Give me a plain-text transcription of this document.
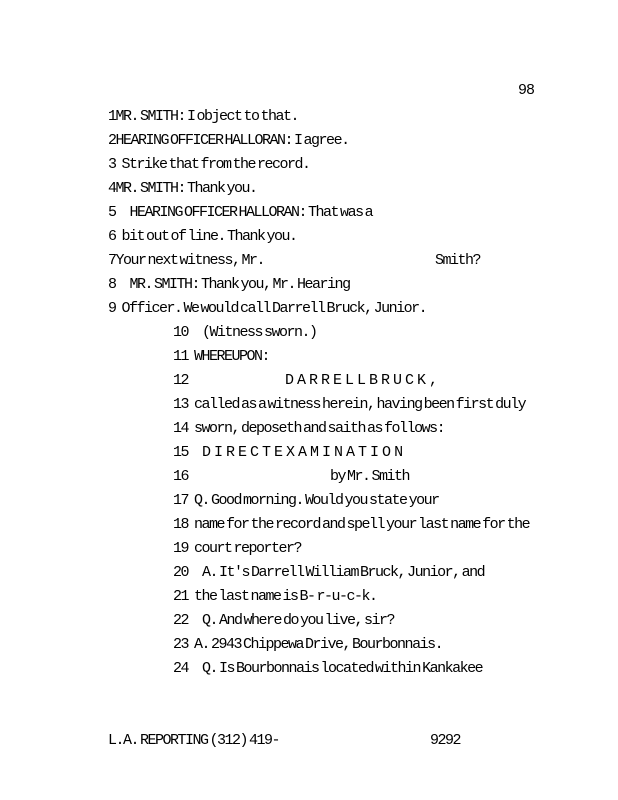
98
1MR. SMITH: I object to that.
2HEARING OFFICER HALLORAN: I agree.
3 Strike that from the record.
4MR. SMITH: Thank you.
5 HEARING OFFICER HALLORAN: That was a
6 bit out of line. Thank you.
7Your next witness, Mr.	Smith?
8 MR. SMITH: Thank you, Mr. Hearing
9 Officer. We would call Darrell Bruck, Junior.
10 (Witness sworn.)
11 WHEREUPON:
12	D A R R E L L B R U C K ,
13 called as a witness herein, having been first duly
14 sworn, deposeth and saith as follows:
15 D I R E C T E X A M I N A T I O N
16	by Mr. Smith
17 Q. Good morning. Would you state your
18 name for the record and spell your last name for the
19 court reporter?
20 A. It's Darrell William Bruck, Junior, and
21 the last name is B- r-u-c-k.
22 Q. And where do you live, sir?
23 A. 2943 Chippewa Drive, Bourbonnais.
24 Q. Is Bourbonnais located within Kankakee
L.A. REPORTING (312) 419-	9292
